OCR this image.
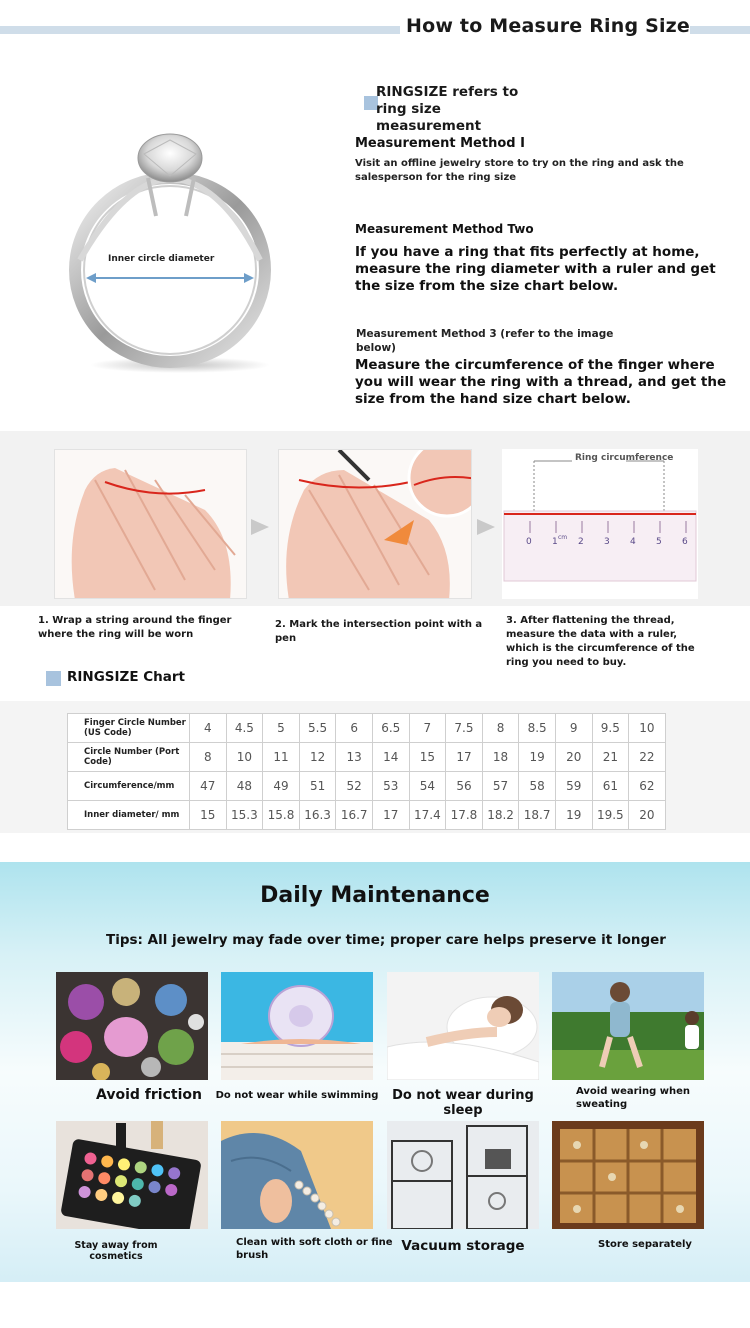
How to Measure Ring Size
Inner circle diameter
RINGSIZE refers to ring size measurement
Measurement Method I
Visit an offline jewelry store to try on the ring and ask the salesperson for the ring size
Measurement Method Two
If you have a ring that fits perfectly at home, measure the ring diameter with a ruler and get the size from the size chart below.
Measurement Method 3 (refer to the image below)
Measure the circumference of the finger where you will wear the ring with a thread, and get the size from the hand size chart below.
Ring circumference
0	cm
1 2 3 4 5 6
1. Wrap a string around the finger where the ring will be worn
2. Mark the intersection point with a pen
3. After flattening the thread, measure the data with a ruler, which is the circumference of the ring you need to buy.
RINGSIZE Chart
Finger Circle Number (US Code)	4	4.5	5	5.5	6	6.5	7	7.5	8	8.5	9	9.5	10
Circle Number (Port Code)	8	10	11	12	13	14	15	17	18	19	20	21	22
Circumference/mm	47	48	49	51	52	53	54	56	57	58	59	61	62
Inner diameter/ mm	15	15.3	15.8	16.3	16.7	17	17.4	17.8	18.2	18.7	19	19.5	20
Daily Maintenance
Tips: All jewelry may fade over time; proper care helps preserve it longer
Avoid friction	Do not wear while swimming	Do not wear during sleep
Avoid wearing when sweating
Stay away from cosmetics
Clean with soft cloth or fine brush
Vacuum storage	Store separately
